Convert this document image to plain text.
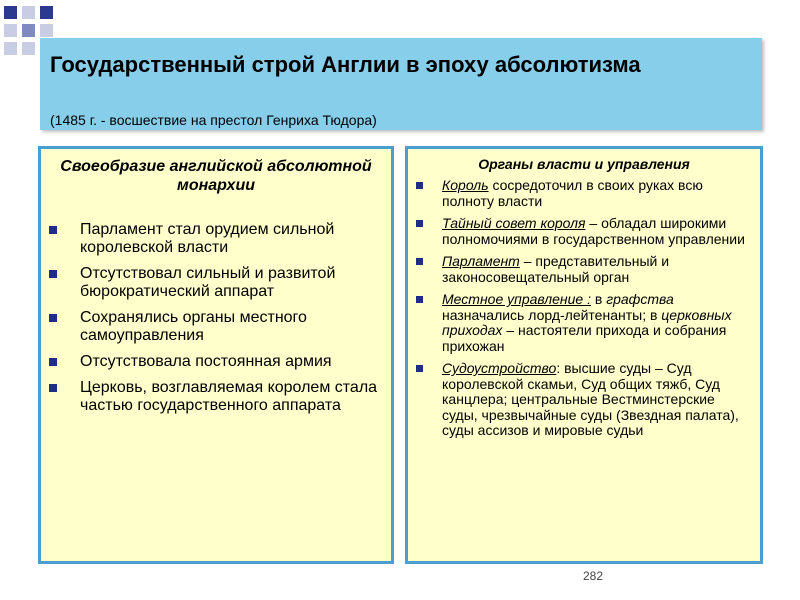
Государственный строй Англии в эпоху абсолютизма
(1485 г. - восшествие на престол Генриха Тюдора)
Своеобразие английской абсолютной монархии
Парламент стал орудием сильной королевской власти
Отсутствовал сильный и развитой бюрократический аппарат
Сохранялись органы местного самоуправления
Отсутствовала постоянная армия
Церковь, возглавляемая королем стала частью государственного аппарата
Органы власти и управления
Король сосредоточил в своих руках всю полноту власти
Тайный совет короля – обладал широкими полномочиями в государственном управлении
Парламент – представительный и законосовещательный орган
Местное управление : в графства назначались лорд-лейтенанты; в церковных приходах – настоятели прихода и собрания прихожан
Судоустройство: высшие суды – Суд королевской скамьи, Суд общих тяжб, Суд канцлера; центральные Вестминстерские суды, чрезвычайные суды (Звездная палата), суды ассизов и мировые судьи
282
